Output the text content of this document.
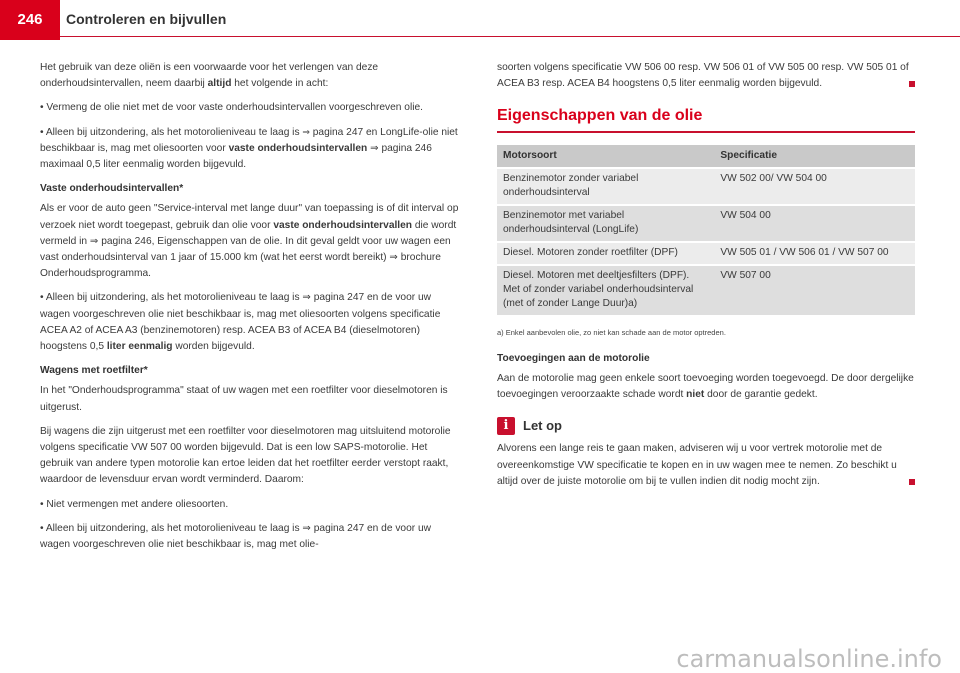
246	Controleren en bijvullen

Het gebruik van deze oliën is een voorwaarde voor het verlengen van deze onderhoudsintervallen, neem daarbij altijd het volgende in acht:

• Vermeng de olie niet met de voor vaste onderhoudsintervallen voorgeschreven olie.

• Alleen bij uitzondering, als het motorolieniveau te laag is ⇒ pagina 247 en LongLife-olie niet beschikbaar is, mag met oliesoorten voor vaste onderhoudsintervallen ⇒ pagina 246 maximaal 0,5 liter eenmalig worden bijgevuld.

Vaste onderhoudsintervallen*

Als er voor de auto geen "Service-interval met lange duur" van toepassing is of dit interval op verzoek niet wordt toegepast, gebruik dan olie voor vaste onderhoudsintervallen die wordt vermeld in ⇒ pagina 246, Eigenschappen van de olie. In dit geval geldt voor uw wagen een vast onderhoudsinterval van 1 jaar of 15.000 km (wat het eerst wordt bereikt) ⇒ brochure Onderhoudsprogramma.

• Alleen bij uitzondering, als het motorolieniveau te laag is ⇒ pagina 247 en de voor uw wagen voorgeschreven olie niet beschikbaar is, mag met oliesoorten volgens specificatie ACEA A2 of ACEA A3 (benzinemotoren) resp. ACEA B3 of ACEA B4 (dieselmotoren) hoogstens 0,5 liter eenmalig worden bijgevuld.

Wagens met roetfilter*

In het "Onderhoudsprogramma" staat of uw wagen met een roetfilter voor dieselmotoren is uitgerust.

Bij wagens die zijn uitgerust met een roetfilter voor dieselmotoren mag uitsluitend motorolie volgens specificatie VW 507 00 worden bijgevuld. Dat is een low SAPS-motorolie. Het gebruik van andere typen motorolie kan ertoe leiden dat het roetfilter eerder verstopt raakt, waardoor de levensduur ervan wordt verminderd. Daarom:

• Niet vermengen met andere oliesoorten.

• Alleen bij uitzondering, als het motorolieniveau te laag is ⇒ pagina 247 en de voor uw wagen voorgeschreven olie niet beschikbaar is, mag met olie-

soorten volgens specificatie VW 506 00 resp. VW 506 01 of VW 505 00 resp. VW 505 01 of ACEA B3 resp. ACEA B4 hoogstens 0,5 liter eenmalig worden bijgevuld.

Eigenschappen van de olie
Motorsoort	Specificatie
Benzinemotor zonder variabel onderhoudsinterval	VW 502 00/ VW 504 00
Benzinemotor met variabel onderhoudsinterval (LongLife)	VW 504 00
Diesel. Motoren zonder roetfilter (DPF)	VW 505 01 / VW 506 01 / VW 507 00
Diesel. Motoren met deeltjesfilters (DPF). Met of zonder variabel onderhoudsinterval (met of zonder Lange Duur)a)	VW 507 00
a) Enkel aanbevolen olie, zo niet kan schade aan de motor optreden.

Toevoegingen aan de motorolie

Aan de motorolie mag geen enkele soort toevoeging worden toegevoegd. De door dergelijke toevoegingen veroorzaakte schade wordt niet door de garantie gedekt.

i	Let op

Alvorens een lange reis te gaan maken, adviseren wij u voor vertrek motorolie met de overeenkomstige VW specificatie te kopen en in uw wagen mee te nemen. Zo beschikt u altijd over de juiste motorolie om bij te vullen indien dit nodig mocht zijn.

carmanualsonline.info
